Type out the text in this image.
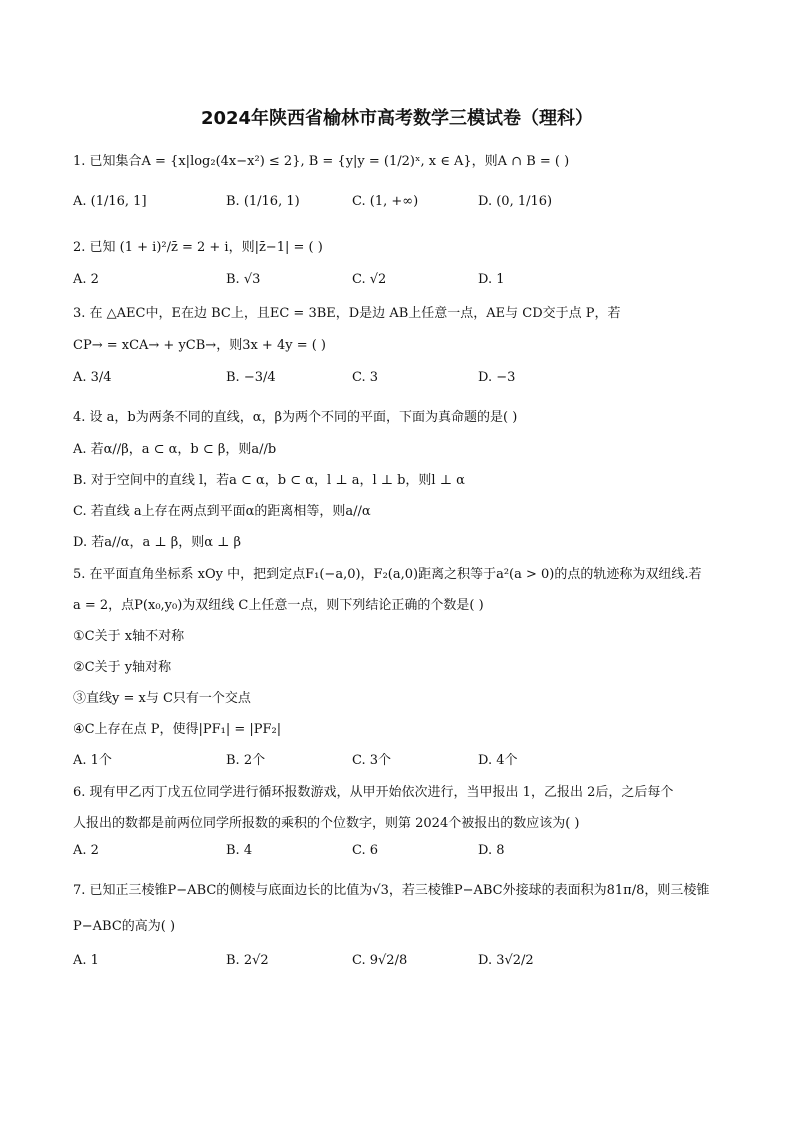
2024年陕西省榆林市高考数学三模试卷（理科）
1. 已知集合A = {x|log₂(4x−x²) ≤ 2}, B = {y|y = (1/2)ˣ, x ∈ A}，则A ∩ B = ( )
A. (1/16, 1]	B. (1/16, 1)	C. (1, +∞)	D. (0, 1/16)
2. 已知 (1 + i)²/z̄ = 2 + i，则|z̄−1| = ( )
A. 2	B. √3	C. √2	D. 1
3. 在 △AEC中，E在边 BC上，且EC = 3BE，D是边 AB上任意一点，AE与 CD交于点 P，若
CP→ = xCA→ + yCB→，则3x + 4y = ( )
A. 3/4	B. −3/4	C. 3	D. −3
4. 设 a，b为两条不同的直线，α，β为两个不同的平面，下面为真命题的是( )
A. 若α//β，a ⊂ α，b ⊂ β，则a//b
B. 对于空间中的直线 l，若a ⊂ α，b ⊂ α，l ⊥ a，l ⊥ b，则l ⊥ α
C. 若直线 a上存在两点到平面α的距离相等，则a//α
D. 若a//α，a ⊥ β，则α ⊥ β
5. 在平面直角坐标系 xOy 中，把到定点F₁(−a,0)，F₂(a,0)距离之积等于a²(a > 0)的点的轨迹称为双纽线.若
a = 2，点P(x₀,y₀)为双纽线 C上任意一点，则下列结论正确的个数是( )
①C关于 x轴不对称
②C关于 y轴对称
③直线y = x与 C只有一个交点
④C上存在点 P，使得|PF₁| = |PF₂|
A. 1个	B. 2个	C. 3个	D. 4个
6. 现有甲乙丙丁戊五位同学进行循环报数游戏，从甲开始依次进行，当甲报出 1，乙报出 2后，之后每个
人报出的数都是前两位同学所报数的乘积的个位数字，则第 2024个被报出的数应该为( )
A. 2	B. 4	C. 6	D. 8
7. 已知正三棱锥P−ABC的侧棱与底面边长的比值为√3，若三棱锥P−ABC外接球的表面积为81π/8，则三棱锥
P−ABC的高为( )
A. 1	B. 2√2	C. 9√2/8	D. 3√2/2
